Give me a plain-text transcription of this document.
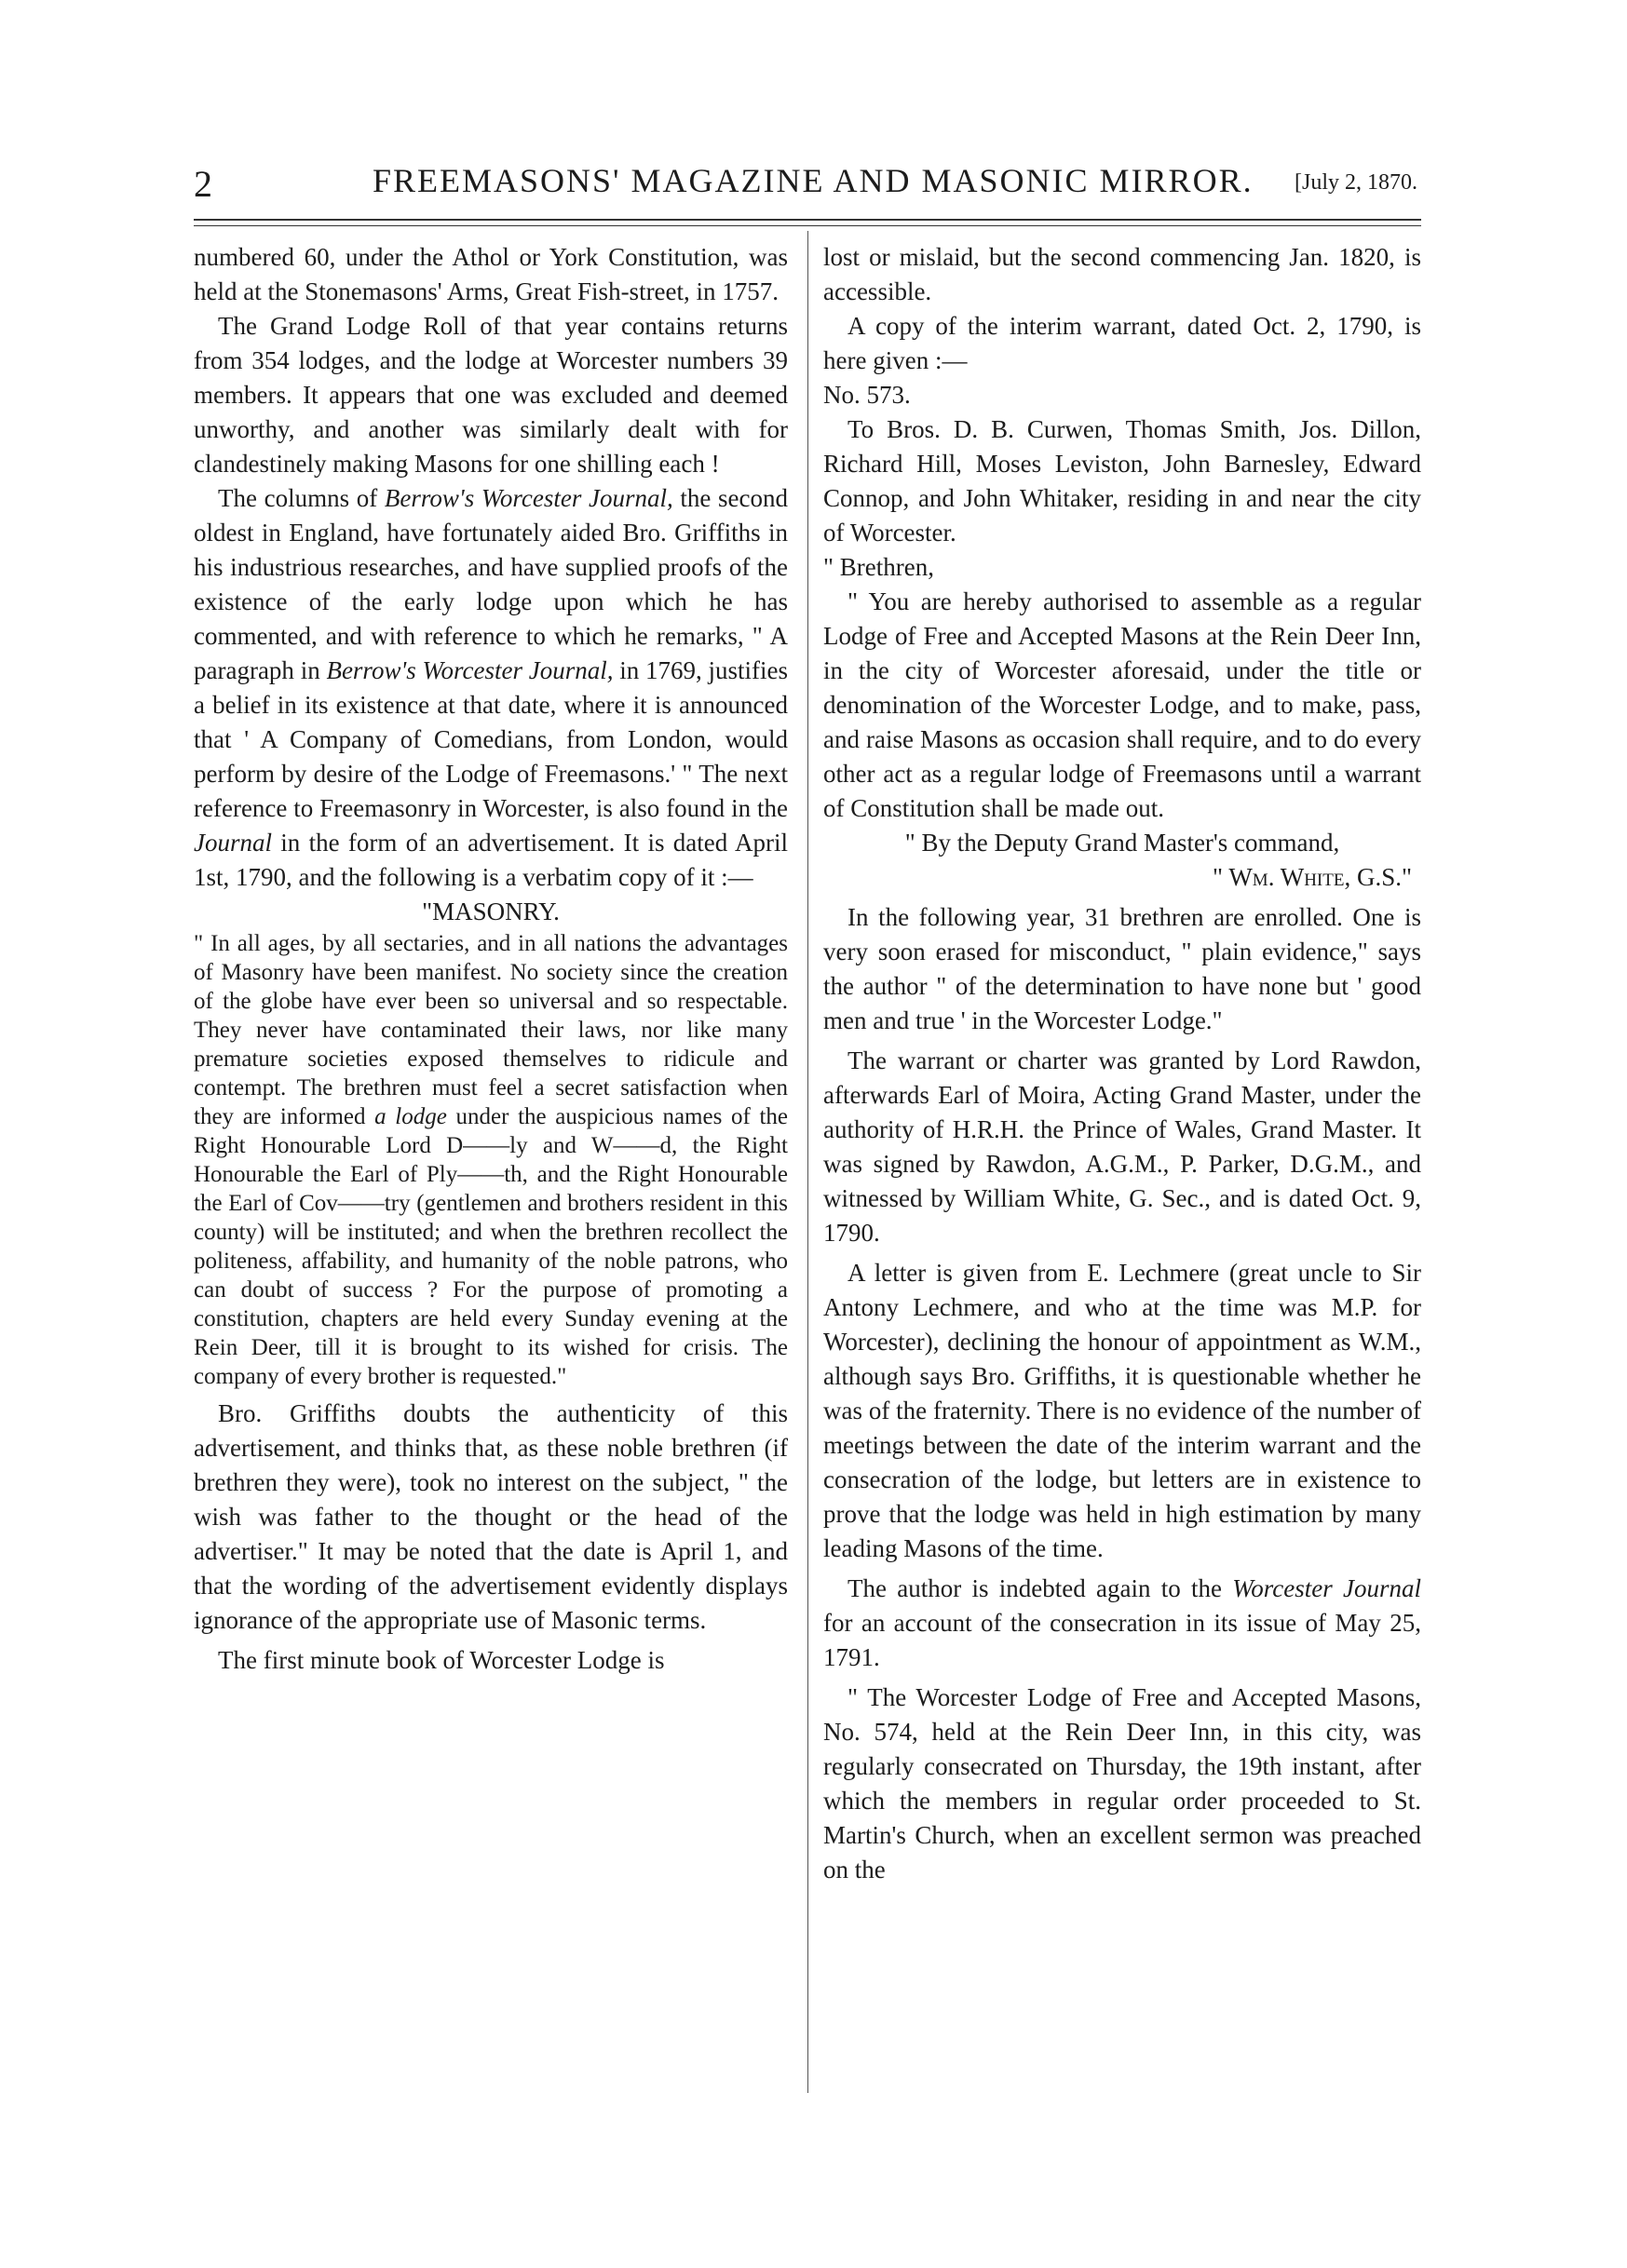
2	FREEMASONS' MAGAZINE AND MASONIC MIRROR. [July 2, 1870.

numbered 60, under the Athol or York Constitution, was held at the Stonemasons' Arms, Great Fish-street, in 1757.

The Grand Lodge Roll of that year contains returns from 354 lodges, and the lodge at Worcester numbers 39 members. It appears that one was excluded and deemed unworthy, and another was similarly dealt with for clandestinely making Masons for one shilling each !

The columns of Berrow's Worcester Journal, the second oldest in England, have fortunately aided Bro. Griffiths in his industrious researches, and have supplied proofs of the existence of the early lodge upon which he has commented, and with reference to which he remarks, " A paragraph in Berrow's Worcester Journal, in 1769, justifies a belief in its existence at that date, where it is announced that ' A Company of Comedians, from London, would perform by desire of the Lodge of Freemasons.' " The next reference to Freemasonry in Worcester, is also found in the Journal in the form of an advertisement. It is dated April 1st, 1790, and the following is a verbatim copy of it :—

"MASONRY.

" In all ages, by all sectaries, and in all nations the advantages of Masonry have been manifest. No society since the creation of the globe have ever been so universal and so respectable. They never have contaminated their laws, nor like many premature societies exposed themselves to ridicule and contempt. The brethren must feel a secret satisfaction when they are informed a lodge under the auspicious names of the Right Honourable Lord D——ly and W——d, the Right Honourable the Earl of Ply——th, and the Right Honourable the Earl of Cov——try (gentlemen and brothers resident in this county) will be instituted; and when the brethren recollect the politeness, affability, and humanity of the noble patrons, who can doubt of success ? For the purpose of promoting a constitution, chapters are held every Sunday evening at the Rein Deer, till it is brought to its wished for crisis. The company of every brother is requested."

Bro. Griffiths doubts the authenticity of this advertisement, and thinks that, as these noble brethren (if brethren they were), took no interest on the subject, " the wish was father to the thought or the head of the advertiser." It may be noted that the date is April 1, and that the wording of the advertisement evidently displays ignorance of the appropriate use of Masonic terms.

The first minute book of Worcester Lodge is

lost or mislaid, but the second commencing Jan. 1820, is accessible.

A copy of the interim warrant, dated Oct. 2, 1790, is here given :—

No. 573.

To Bros. D. B. Curwen, Thomas Smith, Jos. Dillon, Richard Hill, Moses Leviston, John Barnesley, Edward Connop, and John Whitaker, residing in and near the city of Worcester.

" Brethren,

" You are hereby authorised to assemble as a regular Lodge of Free and Accepted Masons at the Rein Deer Inn, in the city of Worcester aforesaid, under the title or denomination of the Worcester Lodge, and to make, pass, and raise Masons as occasion shall require, and to do every other act as a regular lodge of Freemasons until a warrant of Constitution shall be made out.

" By the Deputy Grand Master's command,

" Wm. White, G.S."

In the following year, 31 brethren are enrolled. One is very soon erased for misconduct, " plain evidence," says the author " of the determination to have none but ' good men and true ' in the Worcester Lodge."

The warrant or charter was granted by Lord Rawdon, afterwards Earl of Moira, Acting Grand Master, under the authority of H.R.H. the Prince of Wales, Grand Master. It was signed by Rawdon, A.G.M., P. Parker, D.G.M., and witnessed by William White, G. Sec., and is dated Oct. 9, 1790.

A letter is given from E. Lechmere (great uncle to Sir Antony Lechmere, and who at the time was M.P. for Worcester), declining the honour of appointment as W.M., although says Bro. Griffiths, it is questionable whether he was of the fraternity. There is no evidence of the number of meetings between the date of the interim warrant and the consecration of the lodge, but letters are in existence to prove that the lodge was held in high estimation by many leading Masons of the time.

The author is indebted again to the Worcester Journal for an account of the consecration in its issue of May 25, 1791.

" The Worcester Lodge of Free and Accepted Masons, No. 574, held at the Rein Deer Inn, in this city, was regularly consecrated on Thursday, the 19th instant, after which the members in regular order proceeded to St. Martin's Church, when an excellent sermon was preached on the
